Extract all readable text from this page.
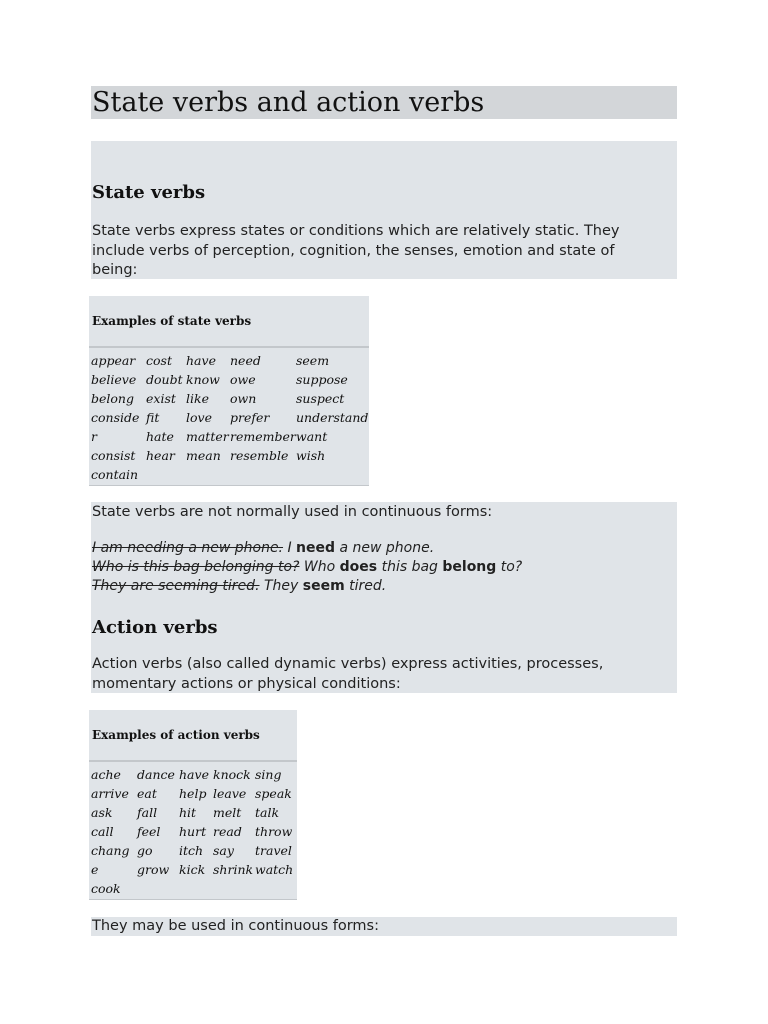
State verbs and action verbs
State verbs

State verbs express states or conditions which are relatively static. They
include verbs of perception, cognition, the senses, emotion and state of
being:

Examples of state verbs
appear
believe
belong
conside
r
consist
contain
cost
doubt
exist
fit
hate
hear
have
know
like
love
matter
mean
need
owe
own
prefer
remember
resemble
seem
suppose
suspect
understand
want
wish

State verbs are not normally used in continuous forms:

I am needing a new phone. I need a new phone.
Who is this bag belonging to? Who does this bag belong to?
They are seeming tired. They seem tired.
Action verbs

Action verbs (also called dynamic verbs) express activities, processes,
momentary actions or physical conditions:

Examples of action verbs
ache
arrive
ask
call
chang
e
cook
dance
eat
fall
feel
go
grow
have
help
hit
hurt
itch
kick
knock
leave
melt
read
say
shrink
sing
speak
talk
throw
travel
watch

They may be used in continuous forms:
